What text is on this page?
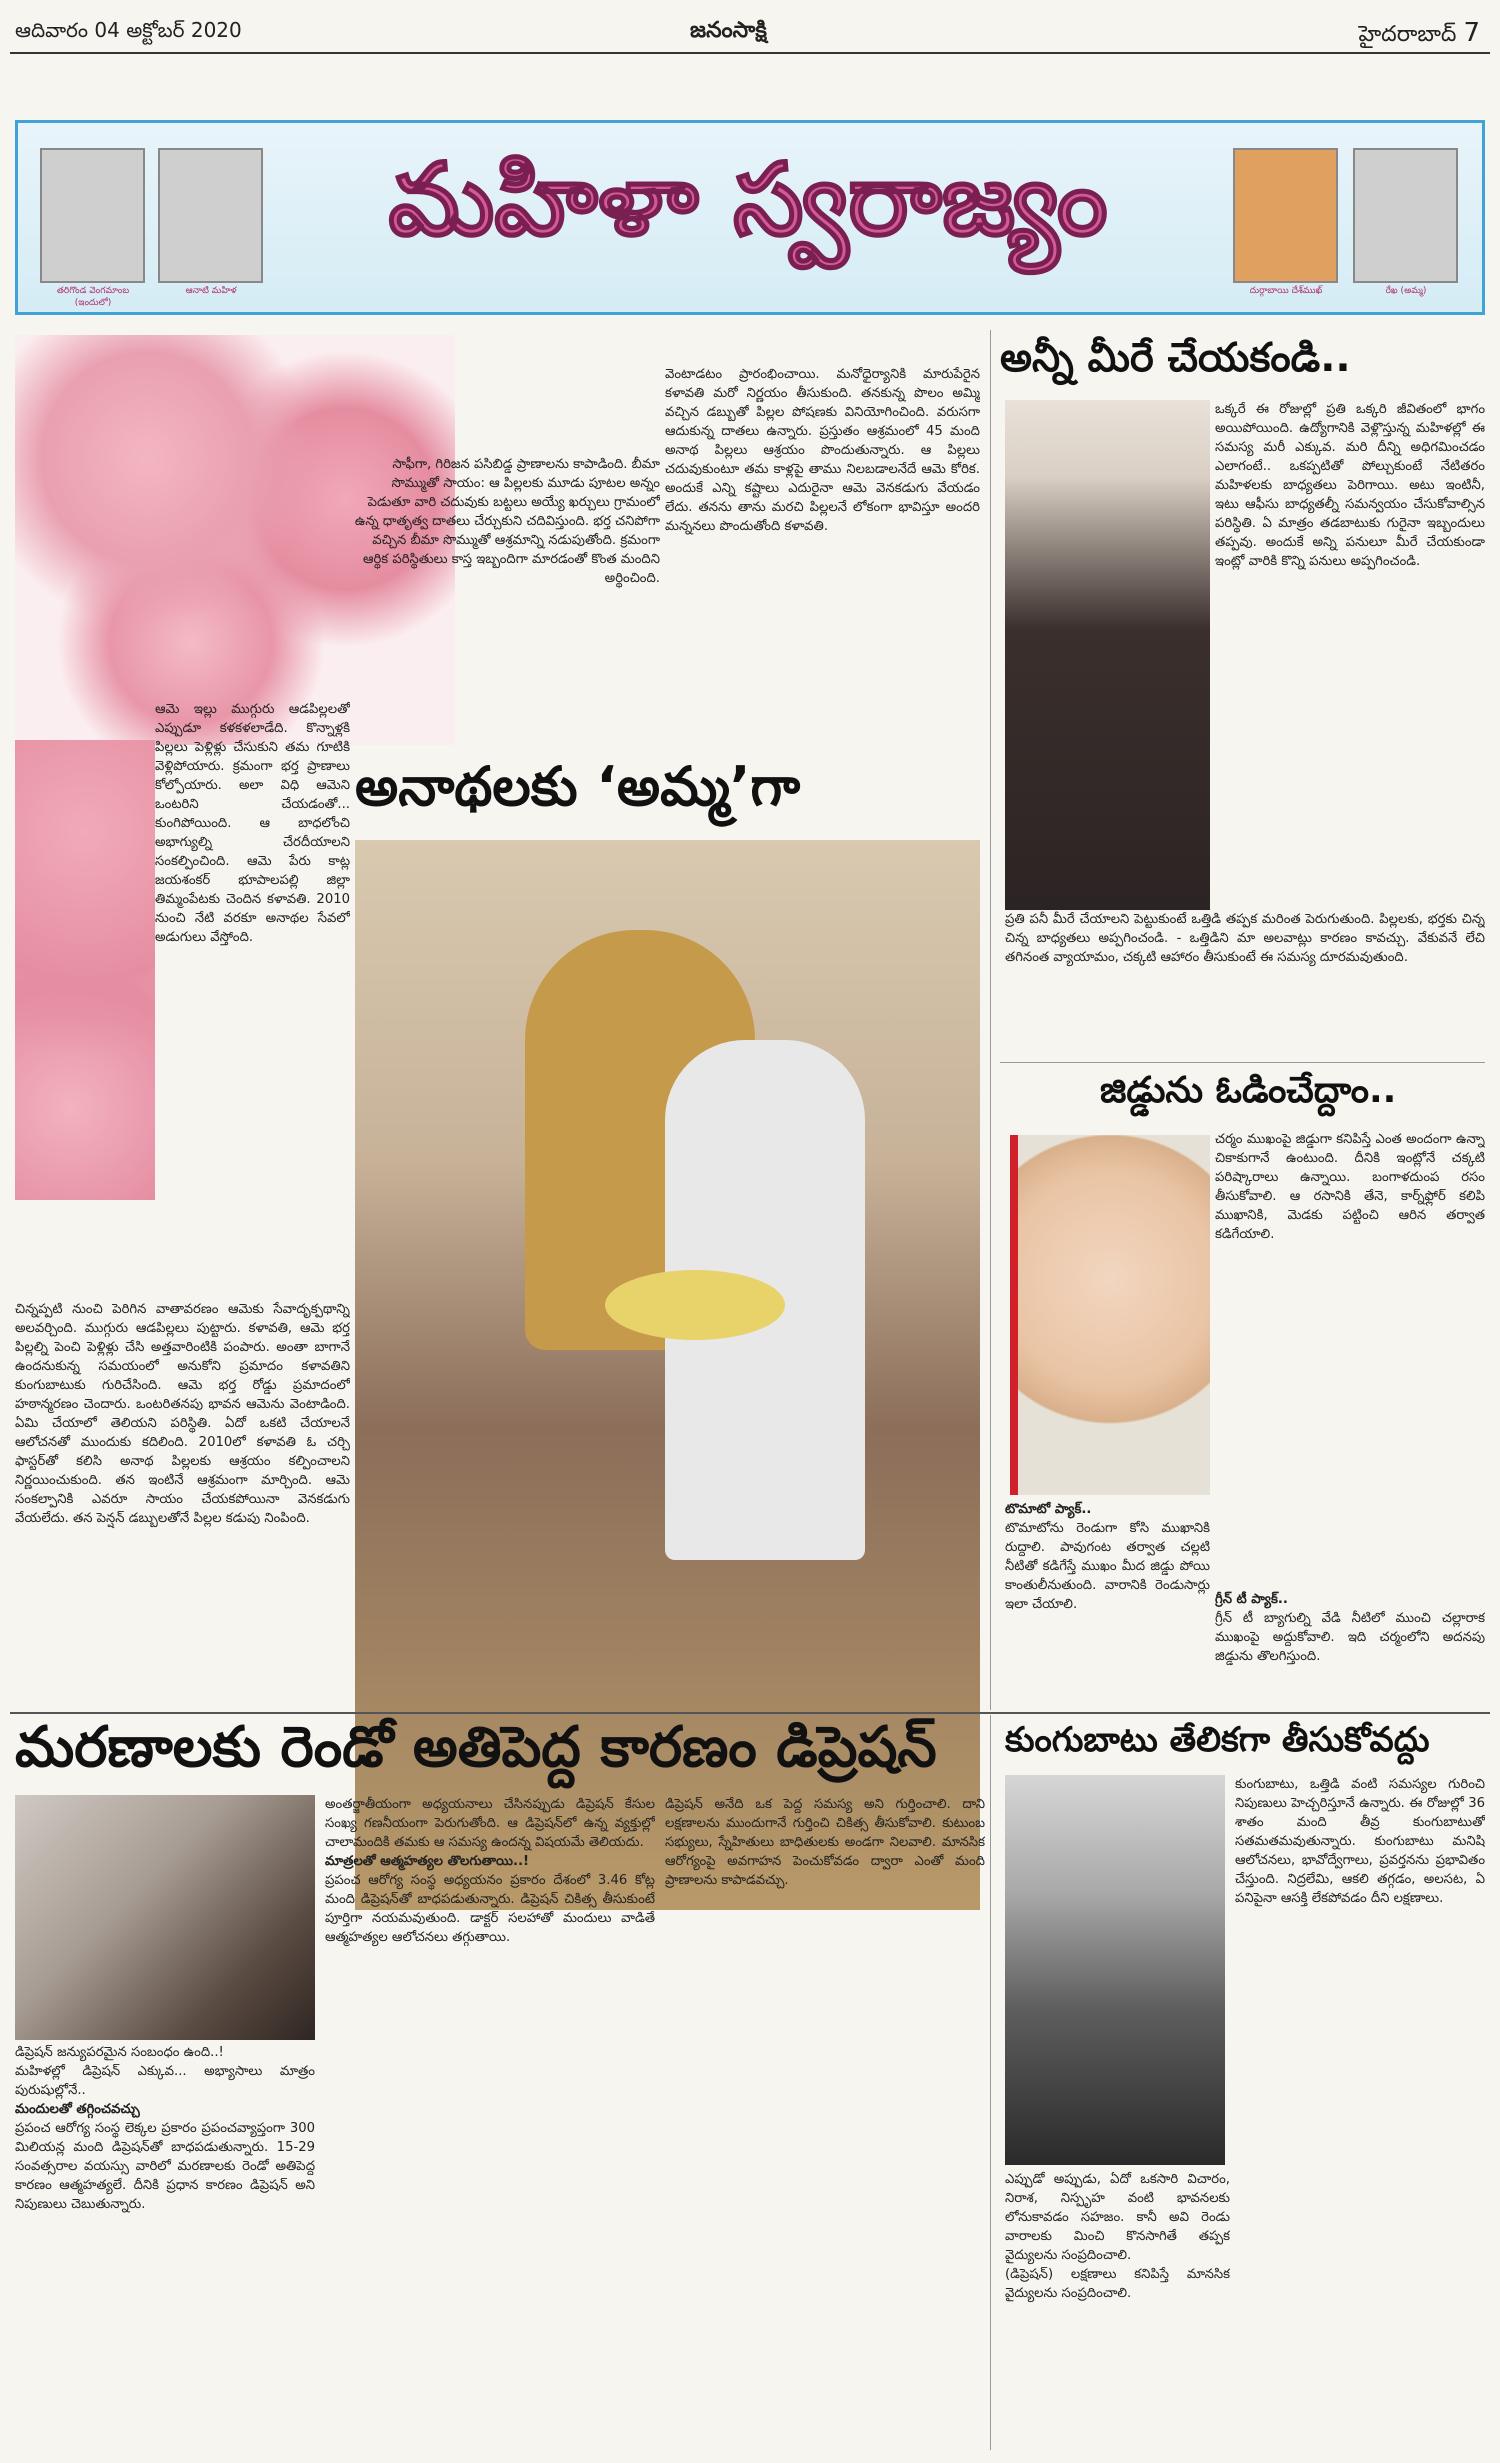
ఆదివారం 04 అక్టోబర్ 2020	జనంసాక్షి	హైదరాబాద్ 7
తరిగొండ వెంగమాంబ (ఇందులో)
ఆనాటి మహిళ
మహిళా స్వరాజ్యం
దుర్గాబాయి దేశ్‌ముఖ్	రేఖ (అమ్మ)
ఆమె ఇల్లు ముగ్గురు ఆడపిల్లలతో ఎప్పుడూ కళకళలాడేది. కొన్నాళ్లకి పిల్లలు పెళ్లిళ్లు చేసుకుని తమ గూటికి వెళ్లిపోయారు. క్రమంగా భర్త ప్రాణాలు కోల్పోయారు. అలా విధి ఆమెని ఒంటరిని చేయడంతో... కుంగిపోయింది. ఆ బాధలోంచి అభాగ్యుల్ని చేరదీయాలని సంకల్పించింది. ఆమె పేరు కాట్ల జయశంకర్ భూపాలపల్లి జిల్లా తిమ్మంపేటకు చెందిన కళావతి. 2010 నుంచి నేటి వరకూ అనాథల సేవలో అడుగులు వేస్తోంది.
చిన్నప్పటి నుంచి పెరిగిన వాతావరణం ఆమెకు సేవాదృక్పథాన్ని అలవర్చింది. ముగ్గురు ఆడపిల్లలు పుట్టారు. కళావతి, ఆమె భర్త పిల్లల్ని పెంచి పెళ్లిళ్లు చేసి అత్తవారింటికి పంపారు. అంతా బాగానే ఉందనుకున్న సమయంలో అనుకోని ప్రమాదం కళావతిని కుంగుబాటుకు గురిచేసింది. ఆమె భర్త రోడ్డు ప్రమాదంలో హఠాన్మరణం చెందారు. ఒంటరితనపు భావన ఆమెను వెంటాడింది. ఏమి చేయాలో తెలియని పరిస్థితి. ఏదో ఒకటి చేయాలనే ఆలోచనతో ముందుకు కదిలింది. 2010లో కళావతి ఓ చర్చి ఫాస్టర్‌తో కలిసి అనాథ పిల్లలకు ఆశ్రయం కల్పించాలని నిర్ణయించుకుంది. తన ఇంటినే ఆశ్రమంగా మార్చింది. ఆమె సంకల్పానికి ఎవరూ సాయం చేయకపోయినా వెనకడుగు వేయలేదు. తన పెన్షన్ డబ్బులతోనే పిల్లల కడుపు నింపింది.
సాఫీగా, గిరిజన పసిబిడ్డ ప్రాణాలను కాపాడింది. బీమా సొమ్ముతో సాయం: ఆ పిల్లలకు మూడు పూటల అన్నం పెడుతూ వారి చదువుకు బట్టలు అయ్యే ఖర్చులు గ్రామంలో ఉన్న ధాతృత్వ దాతలు చేర్చుకుని చదివిస్తుంది. భర్త చనిపోగా వచ్చిన బీమా సొమ్ముతో ఆశ్రమాన్ని నడుపుతోంది. క్రమంగా ఆర్థిక పరిస్థితులు కాస్త ఇబ్బందిగా మారడంతో కొంత మందిని అర్థించింది.
వెంటాడటం ప్రారంభించాయి. మనోధైర్యానికి మారుపేరైన కళావతి మరో నిర్ణయం తీసుకుంది. తనకున్న పొలం అమ్మి వచ్చిన డబ్బుతో పిల్లల పోషణకు వినియోగించింది. వరుసగా ఆదుకున్న దాతలు ఉన్నారు. ప్రస్తుతం ఆశ్రమంలో 45 మంది అనాథ పిల్లలు ఆశ్రయం పొందుతున్నారు. ఆ పిల్లలు చదువుకుంటూ తమ కాళ్లపై తాము నిలబడాలనేదే ఆమె కోరిక. అందుకే ఎన్ని కష్టాలు ఎదురైనా ఆమె వెనకడుగు వేయడం లేదు. తనను తాను మరచి పిల్లలనే లోకంగా భావిస్తూ అందరి మన్ననలు పొందుతోంది కళావతి.
అనాథలకు ‘అమ్మ’గా
అన్నీ మీరే చేయకండి..
ఒక్కరే ఈ రోజుల్లో ప్రతి ఒక్కరి జీవితంలో భాగం అయిపోయింది. ఉద్యోగానికి వెళ్లొస్తున్న మహిళల్లో ఈ సమస్య మరీ ఎక్కువ. మరి దీన్ని అధిగమించడం ఎలాగంటే.. ఒకప్పటితో పోల్చుకుంటే నేటితరం మహిళలకు బాధ్యతలు పెరిగాయి. అటు ఇంటినీ, ఇటు ఆఫీసు బాధ్యతల్నీ సమన్వయం చేసుకోవాల్సిన పరిస్థితి. ఏ మాత్రం తడబాటుకు గురైనా ఇబ్బందులు తప్పవు. అందుకే అన్ని పనులూ మీరే చేయకుండా ఇంట్లో వారికి కొన్ని పనులు అప్పగించండి.
ప్రతి పనీ మీరే చేయాలని పెట్టుకుంటే ఒత్తిడి తప్పక మరింత పెరుగుతుంది. పిల్లలకు, భర్తకు చిన్న చిన్న బాధ్యతలు అప్పగించండి. - ఒత్తిడిని మా అలవాట్లు కారణం కావచ్చు. వేకువనే లేచి తగినంత వ్యాయామం, చక్కటి ఆహారం తీసుకుంటే ఈ సమస్య దూరమవుతుంది.
జిడ్డును ఓడించేద్దాం..
చర్మం ముఖంపై జిడ్డుగా కనిపిస్తే ఎంత అందంగా ఉన్నా చికాకుగానే ఉంటుంది. దీనికి ఇంట్లోనే చక్కటి పరిష్కారాలు ఉన్నాయి. బంగాళదుంప రసం తీసుకోవాలి. ఆ రసానికి తేనె, కార్న్‌ఫ్లోర్ కలిపి ముఖానికి, మెడకు పట్టించి ఆరిన తర్వాత కడిగేయాలి.
టొమాటో ప్యాక్..
టొమాటోను రెండుగా కోసి ముఖానికి రుద్దాలి. పావుగంట తర్వాత చల్లటి నీటితో కడిగేస్తే ముఖం మీద జిడ్డు పోయి కాంతులీనుతుంది. వారానికి రెండుసార్లు ఇలా చేయాలి.	గ్రీన్ టీ ప్యాక్..
గ్రీన్ టీ బ్యాగుల్ని వేడి నీటిలో ముంచి చల్లారాక ముఖంపై అద్దుకోవాలి. ఇది చర్మంలోని అదనపు జిడ్డును తొలగిస్తుంది.
మరణాలకు రెండో అతిపెద్ద కారణం డిప్రెషన్
డిప్రెషన్ జన్యుపరమైన సంబంధం ఉంది..!
మహిళల్లో డిప్రెషన్ ఎక్కువ... అభ్యాసాలు మాత్రం పురుషుల్లోనే..
మందులతో తగ్గించవచ్చు
ప్రపంచ ఆరోగ్య సంస్థ లెక్కల ప్రకారం ప్రపంచవ్యాప్తంగా 300 మిలియన్ల మంది డిప్రెషన్‌తో బాధపడుతున్నారు. 15-29 సంవత్సరాల వయస్సు వారిలో మరణాలకు రెండో అతిపెద్ద కారణం ఆత్మహత్యలే. దీనికి ప్రధాన కారణం డిప్రెషన్ అని నిపుణులు చెబుతున్నారు.
అంతర్జాతీయంగా అధ్యయనాలు చేసినప్పుడు డిప్రెషన్ కేసుల సంఖ్య గణనీయంగా పెరుగుతోంది. ఆ డిప్రెషన్‌లో ఉన్న వ్యక్తుల్లో చాలామందికి తమకు ఆ సమస్య ఉందన్న విషయమే తెలియదు.
మాత్రలతో ఆత్మహత్యల తొలగుతాయి..!
ప్రపంచ ఆరోగ్య సంస్థ అధ్యయనం ప్రకారం దేశంలో 3.46 కోట్ల మంది డిప్రెషన్‌తో బాధపడుతున్నారు. డిప్రెషన్ చికిత్స తీసుకుంటే పూర్తిగా నయమవుతుంది. డాక్టర్ సలహాతో మందులు వాడితే ఆత్మహత్యల ఆలోచనలు తగ్గుతాయి.
డిప్రెషన్ అనేది ఒక పెద్ద సమస్య అని గుర్తించాలి. దాని లక్షణాలను ముందుగానే గుర్తించి చికిత్స తీసుకోవాలి. కుటుంబ సభ్యులు, స్నేహితులు బాధితులకు అండగా నిలవాలి. మానసిక ఆరోగ్యంపై అవగాహన పెంచుకోవడం ద్వారా ఎంతో మంది ప్రాణాలను కాపాడవచ్చు.
కుంగుబాటు తేలికగా తీసుకోవద్దు
కుంగుబాటు, ఒత్తిడి వంటి సమస్యల గురించి నిపుణులు హెచ్చరిస్తూనే ఉన్నారు. ఈ రోజుల్లో 36 శాతం మంది తీవ్ర కుంగుబాటుతో సతమతమవుతున్నారు. కుంగుబాటు మనిషి ఆలోచనలు, భావోద్వేగాలు, ప్రవర్తనను ప్రభావితం చేస్తుంది. నిద్రలేమి, ఆకలి తగ్గడం, అలసట, ఏ పనిపైనా ఆసక్తి లేకపోవడం దీని లక్షణాలు.
ఎప్పుడో అప్పుడు, ఏదో ఒకసారి విచారం, నిరాశ, నిస్పృహ వంటి భావనలకు లోనుకావడం సహజం. కానీ అవి రెండు వారాలకు మించి కొనసాగితే తప్పక వైద్యులను సంప్రదించాలి.
(డిప్రెషన్) లక్షణాలు కనిపిస్తే మానసిక వైద్యులను సంప్రదించాలి.
